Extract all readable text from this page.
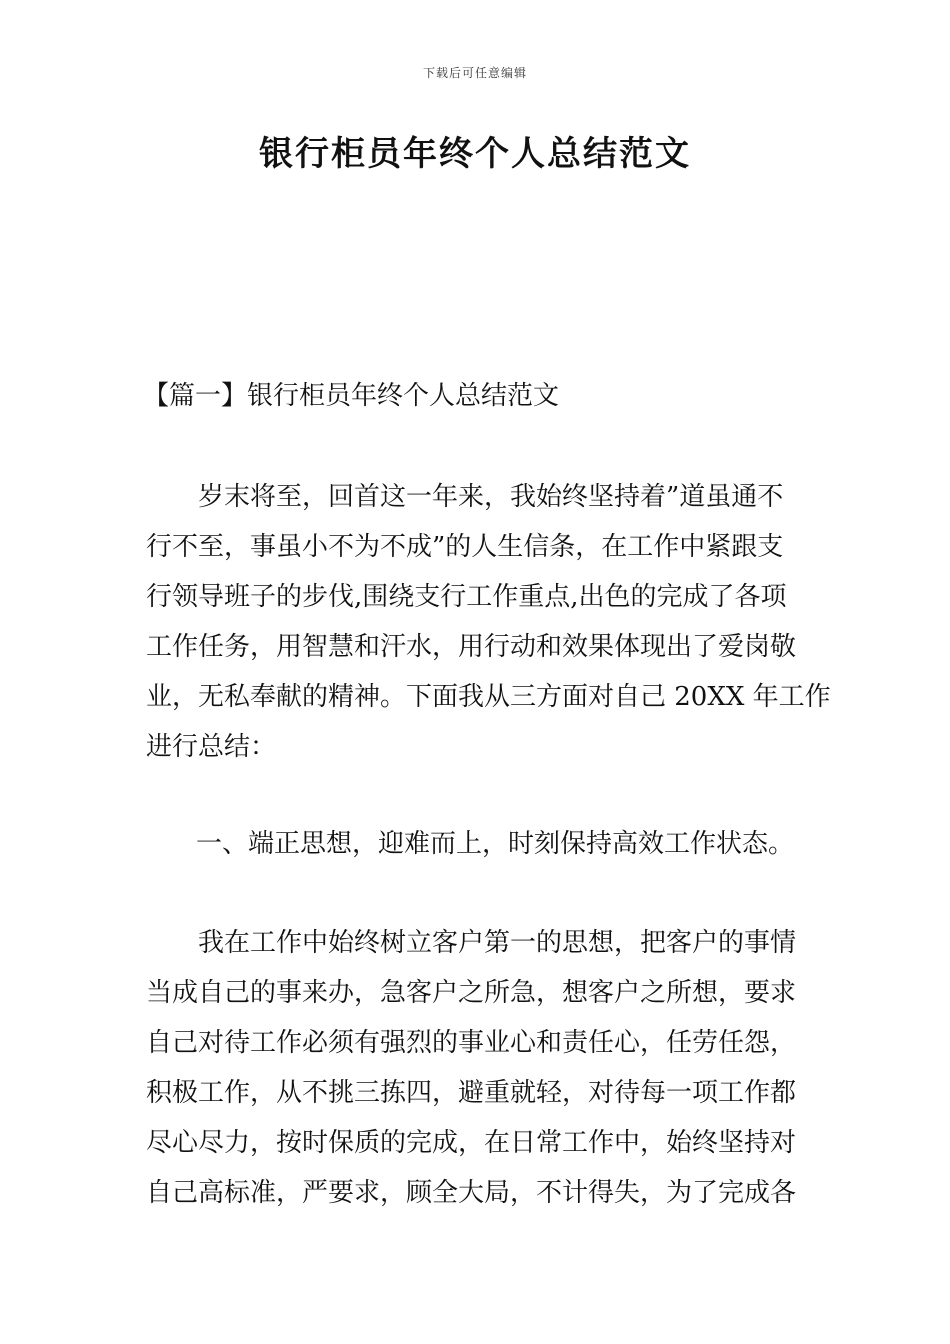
下载后可任意编辑
银行柜员年终个人总结范文
【篇一】银行柜员年终个人总结范文
　　岁末将至，回首这一年来，我始终坚持着”道虽通不
行不至，事虽小不为不成”的人生信条，在工作中紧跟支
行领导班子的步伐,围绕支行工作重点,出色的完成了各项
工作任务，用智慧和汗水，用行动和效果体现出了爱岗敬
业，无私奉献的精神。下面我从三方面对自己 20XX 年工作
进行总结：
一、端正思想，迎难而上，时刻保持高效工作状态。
　　我在工作中始终树立客户第一的思想，把客户的事情
当成自己的事来办，急客户之所急，想客户之所想，要求
自己对待工作必须有强烈的事业心和责任心，任劳任怨，
积极工作，从不挑三拣四，避重就轻，对待每一项工作都
尽心尽力，按时保质的完成，在日常工作中，始终坚持对
自己高标准，严要求，顾全大局，不计得失，为了完成各
